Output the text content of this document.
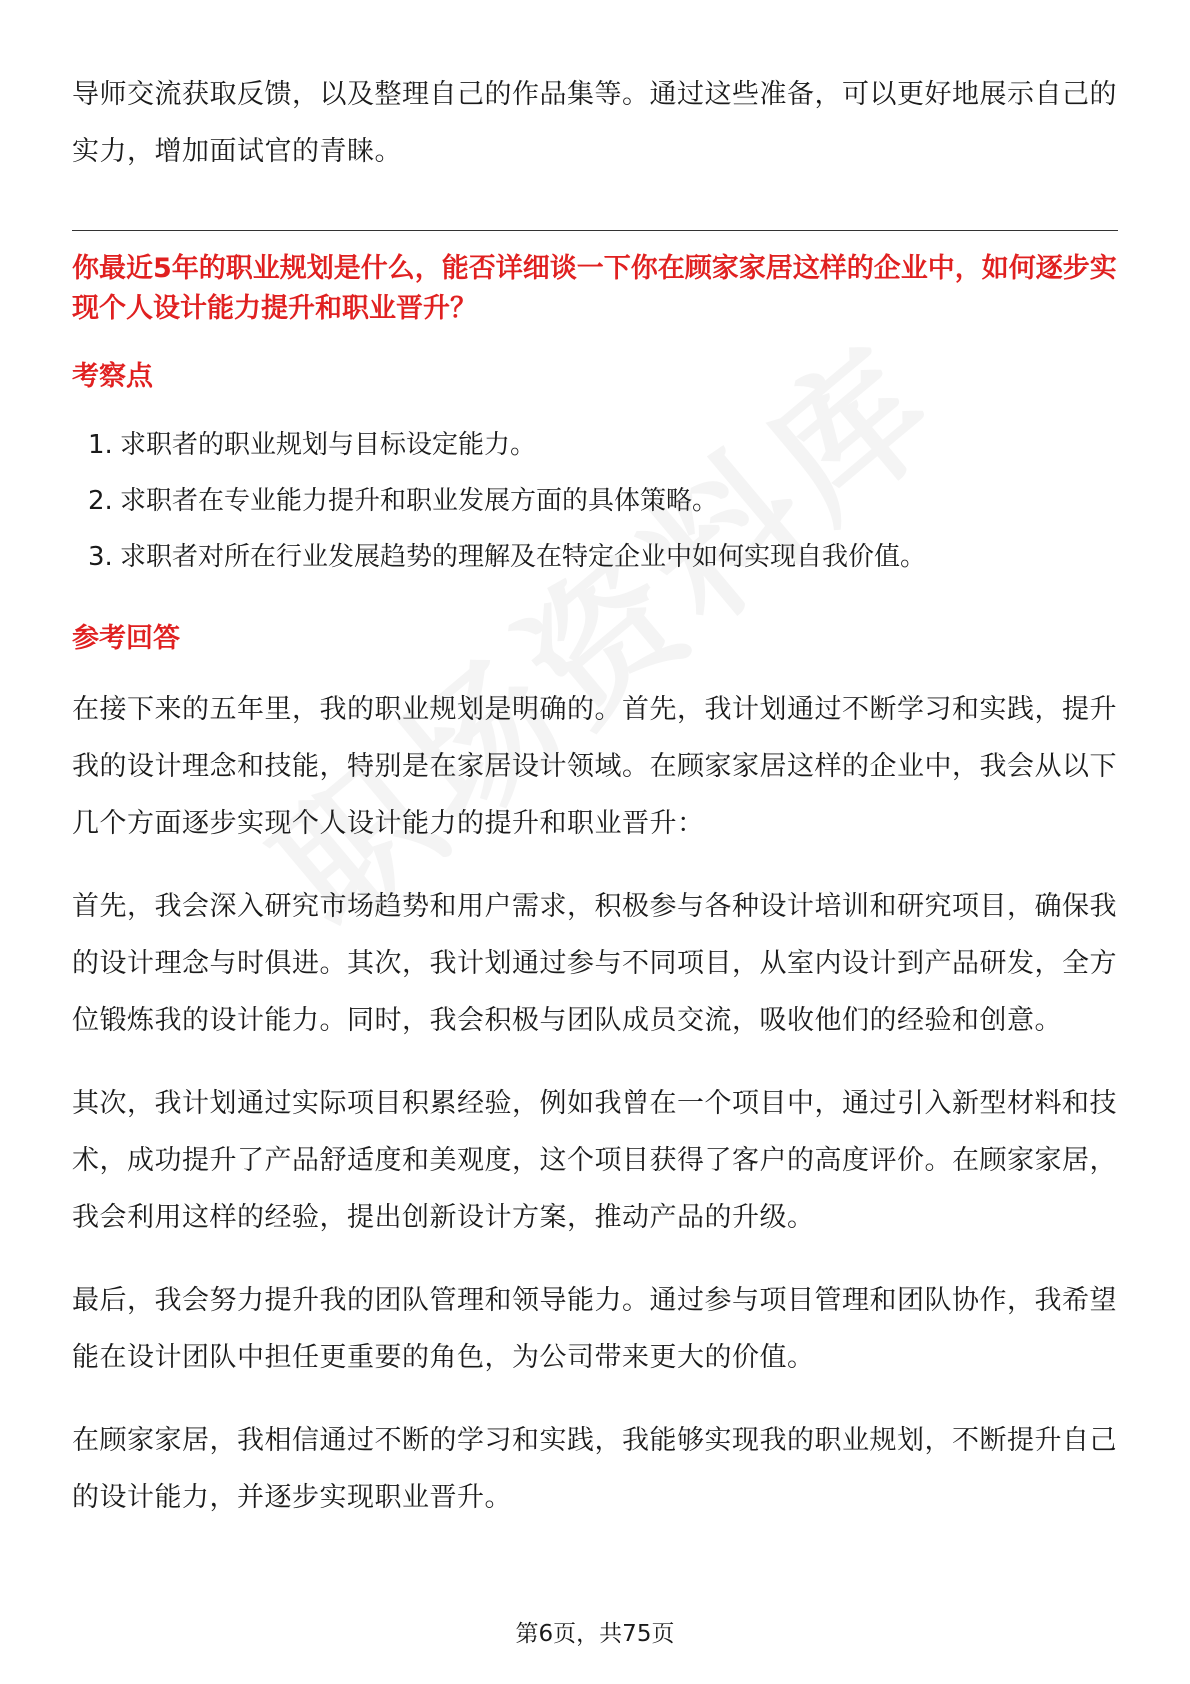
导师交流获取反馈，以及整理自己的作品集等。通过这些准备，可以更好地展示自己的实力，增加面试官的青睐。

你最近5年的职业规划是什么，能否详细谈一下你在顾家家居这样的企业中，如何逐步实现个人设计能力提升和职业晋升？

考察点

1. 求职者的职业规划与目标设定能力。
2. 求职者在专业能力提升和职业发展方面的具体策略。
3. 求职者对所在行业发展趋势的理解及在特定企业中如何实现自我价值。

参考回答

在接下来的五年里，我的职业规划是明确的。首先，我计划通过不断学习和实践，提升我的设计理念和技能，特别是在家居设计领域。在顾家家居这样的企业中，我会从以下几个方面逐步实现个人设计能力的提升和职业晋升：

首先，我会深入研究市场趋势和用户需求，积极参与各种设计培训和研究项目，确保我的设计理念与时俱进。其次，我计划通过参与不同项目，从室内设计到产品研发，全方位锻炼我的设计能力。同时，我会积极与团队成员交流，吸收他们的经验和创意。

其次，我计划通过实际项目积累经验，例如我曾在一个项目中，通过引入新型材料和技术，成功提升了产品舒适度和美观度，这个项目获得了客户的高度评价。在顾家家居，我会利用这样的经验，提出创新设计方案，推动产品的升级。

最后，我会努力提升我的团队管理和领导能力。通过参与项目管理和团队协作，我希望能在设计团队中担任更重要的角色，为公司带来更大的价值。

在顾家家居，我相信通过不断的学习和实践，我能够实现我的职业规划，不断提升自己的设计能力，并逐步实现职业晋升。

第6页，共75页
